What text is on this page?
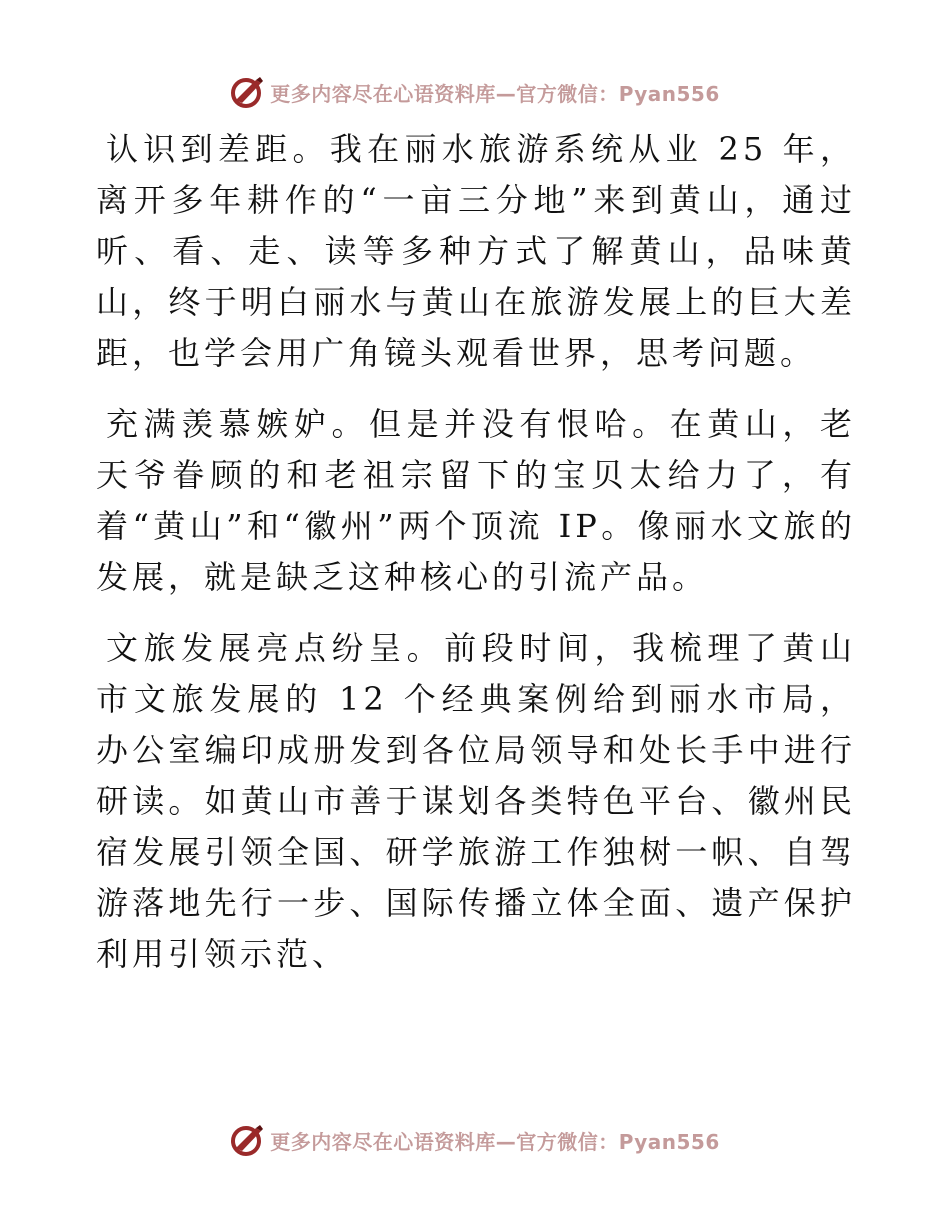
更多内容尽在心语资料库—官方微信：Pyan556

认识到差距。我在丽水旅游系统从业 25 年，离开多年耕作的“一亩三分地”来到黄山，通过听、看、走、读等多种方式了解黄山，品味黄山，终于明白丽水与黄山在旅游发展上的巨大差距，也学会用广角镜头观看世界，思考问题。

充满羡慕嫉妒。但是并没有恨哈。在黄山，老天爷眷顾的和老祖宗留下的宝贝太给力了，有着“黄山”和“徽州”两个顶流 IP。像丽水文旅的发展，就是缺乏这种核心的引流产品。

文旅发展亮点纷呈。前段时间，我梳理了黄山市文旅发展的 12 个经典案例给到丽水市局，办公室编印成册发到各位局领导和处长手中进行研读。如黄山市善于谋划各类特色平台、徽州民宿发展引领全国、研学旅游工作独树一帜、自驾游落地先行一步、国际传播立体全面、遗产保护利用引领示范、

更多内容尽在心语资料库—官方微信：Pyan556
